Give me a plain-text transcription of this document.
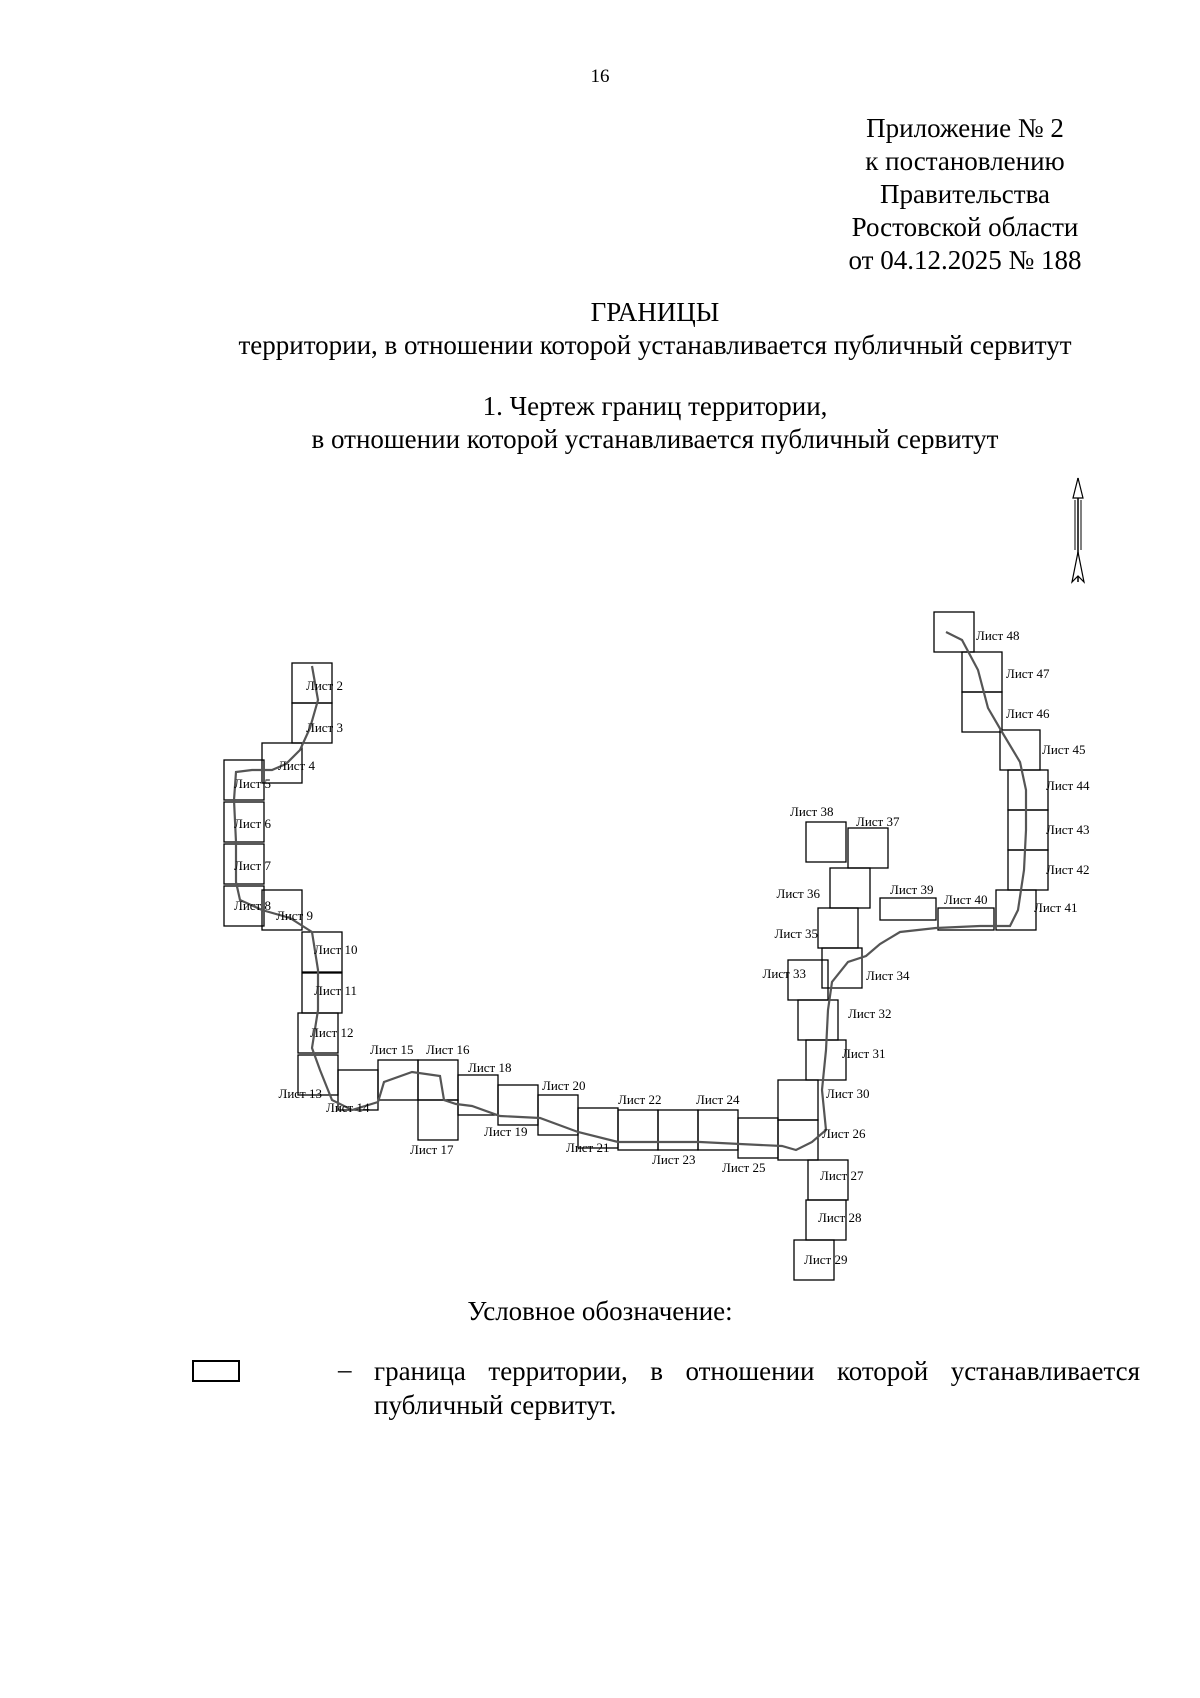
16
Приложение № 2
к постановлению
Правительства
Ростовской области
от 04.12.2025 № 188
ГРАНИЦЫ
территории, в отношении которой устанавливается публичный сервитут
1. Чертеж границ территории,
в отношении которой устанавливается публичный сервитут
Лист 2
Лист 3
Лист 4
Лист 5
Лист 6
Лист 7
Лист 8
Лист 9
Лист 10
Лист 11
Лист 12
Лист 13
Лист 14
Лист 15 Лист 16
Лист 17
Лист 18
Лист 19
Лист 20
Лист 21
Лист 22
Лист 23
Лист 24
Лист 25
Лист 26
Лист 27
Лист 28
Лист 29
Лист 30
Лист 31
Лист 32
Лист 33	Лист 34
Лист 35
Лист 36
Лист 37
Лист 38
Лист 39
Лист 40
Лист 41
Лист 42
Лист 43
Лист 44
Лист 45
Лист 46
Лист 47
Лист 48
Условное обозначение:
– граница территории, в отношении которой устанавливается публичный сервитут.
